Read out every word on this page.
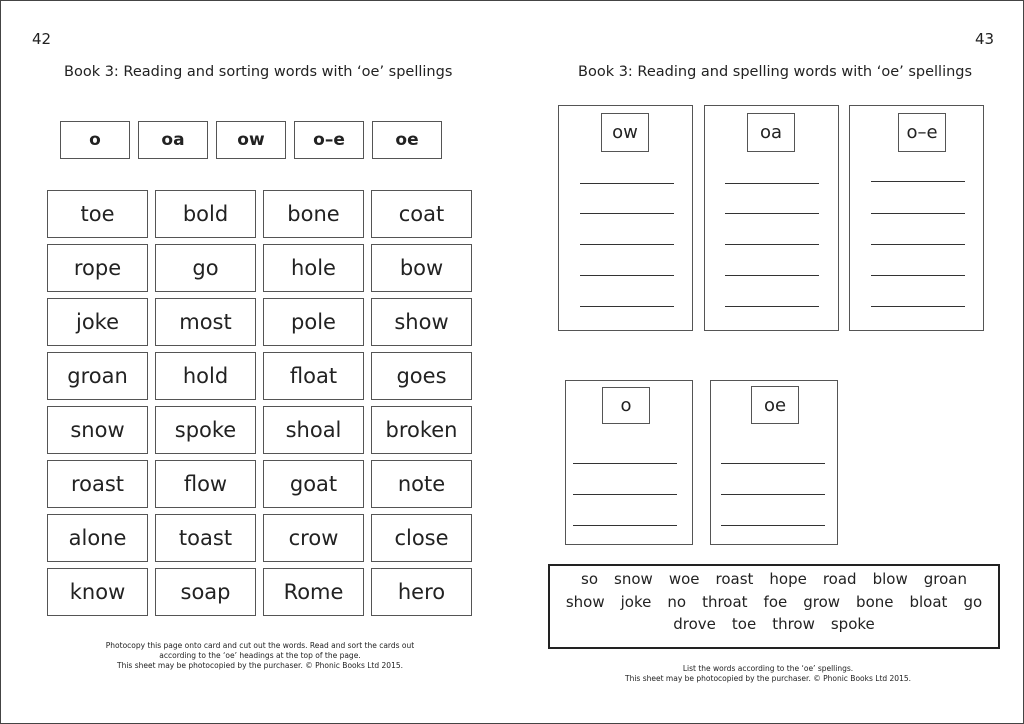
42
Book 3: Reading and sorting words with ‘oe’ spellings
o	oa	ow	o–e	oe
toe	bold	bone	coat
rope	go	hole	bow
joke	most	pole	show
groan	hold	float	goes
snow	spoke	shoal	broken
roast	flow	goat	note
alone	toast	crow	close
know	soap	Rome	hero
Photocopy this page onto card and cut out the words. Read and sort the cards out
according to the ‘oe’ headings at the top of the page.
This sheet may be photocopied by the purchaser. © Phonic Books Ltd 2015.
43
Book 3: Reading and spelling words with ‘oe’ spellings
ow	oa	o–e
o	oe
so snow woe roast hope road blow groan
show joke no throat foe grow bone bloat go
drove toe throw spoke
List the words according to the ‘oe’ spellings.
This sheet may be photocopied by the purchaser. © Phonic Books Ltd 2015.
